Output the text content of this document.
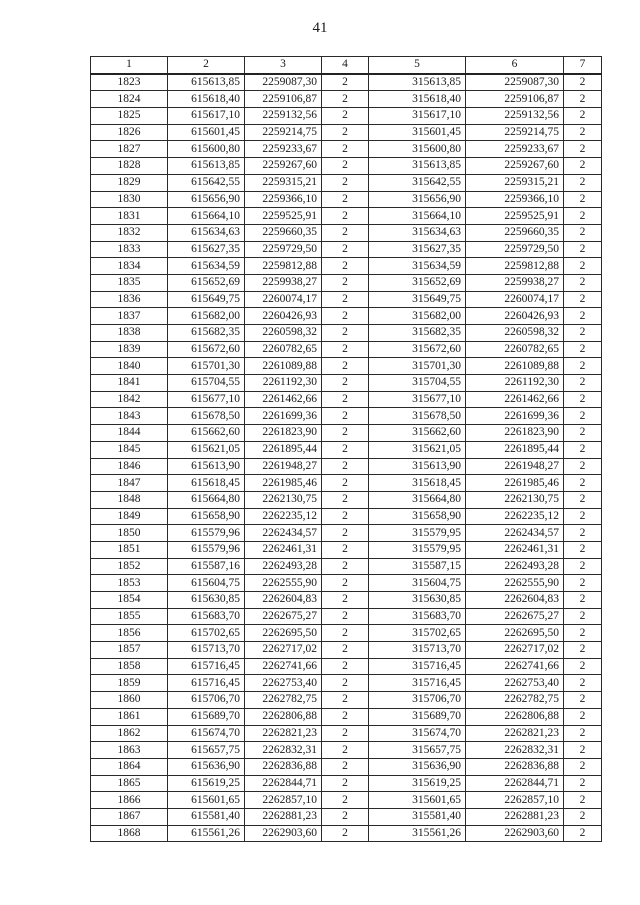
41
1	2	3	4	5	6	7
1823	615613,85	2259087,30	2	315613,85	2259087,30	2
1824	615618,40	2259106,87	2	315618,40	2259106,87	2
1825	615617,10	2259132,56	2	315617,10	2259132,56	2
1826	615601,45	2259214,75	2	315601,45	2259214,75	2
1827	615600,80	2259233,67	2	315600,80	2259233,67	2
1828	615613,85	2259267,60	2	315613,85	2259267,60	2
1829	615642,55	2259315,21	2	315642,55	2259315,21	2
1830	615656,90	2259366,10	2	315656,90	2259366,10	2
1831	615664,10	2259525,91	2	315664,10	2259525,91	2
1832	615634,63	2259660,35	2	315634,63	2259660,35	2
1833	615627,35	2259729,50	2	315627,35	2259729,50	2
1834	615634,59	2259812,88	2	315634,59	2259812,88	2
1835	615652,69	2259938,27	2	315652,69	2259938,27	2
1836	615649,75	2260074,17	2	315649,75	2260074,17	2
1837	615682,00	2260426,93	2	315682,00	2260426,93	2
1838	615682,35	2260598,32	2	315682,35	2260598,32	2
1839	615672,60	2260782,65	2	315672,60	2260782,65	2
1840	615701,30	2261089,88	2	315701,30	2261089,88	2
1841	615704,55	2261192,30	2	315704,55	2261192,30	2
1842	615677,10	2261462,66	2	315677,10	2261462,66	2
1843	615678,50	2261699,36	2	315678,50	2261699,36	2
1844	615662,60	2261823,90	2	315662,60	2261823,90	2
1845	615621,05	2261895,44	2	315621,05	2261895,44	2
1846	615613,90	2261948,27	2	315613,90	2261948,27	2
1847	615618,45	2261985,46	2	315618,45	2261985,46	2
1848	615664,80	2262130,75	2	315664,80	2262130,75	2
1849	615658,90	2262235,12	2	315658,90	2262235,12	2
1850	615579,96	2262434,57	2	315579,95	2262434,57	2
1851	615579,96	2262461,31	2	315579,95	2262461,31	2
1852	615587,16	2262493,28	2	315587,15	2262493,28	2
1853	615604,75	2262555,90	2	315604,75	2262555,90	2
1854	615630,85	2262604,83	2	315630,85	2262604,83	2
1855	615683,70	2262675,27	2	315683,70	2262675,27	2
1856	615702,65	2262695,50	2	315702,65	2262695,50	2
1857	615713,70	2262717,02	2	315713,70	2262717,02	2
1858	615716,45	2262741,66	2	315716,45	2262741,66	2
1859	615716,45	2262753,40	2	315716,45	2262753,40	2
1860	615706,70	2262782,75	2	315706,70	2262782,75	2
1861	615689,70	2262806,88	2	315689,70	2262806,88	2
1862	615674,70	2262821,23	2	315674,70	2262821,23	2
1863	615657,75	2262832,31	2	315657,75	2262832,31	2
1864	615636,90	2262836,88	2	315636,90	2262836,88	2
1865	615619,25	2262844,71	2	315619,25	2262844,71	2
1866	615601,65	2262857,10	2	315601,65	2262857,10	2
1867	615581,40	2262881,23	2	315581,40	2262881,23	2
1868	615561,26	2262903,60	2	315561,26	2262903,60	2
